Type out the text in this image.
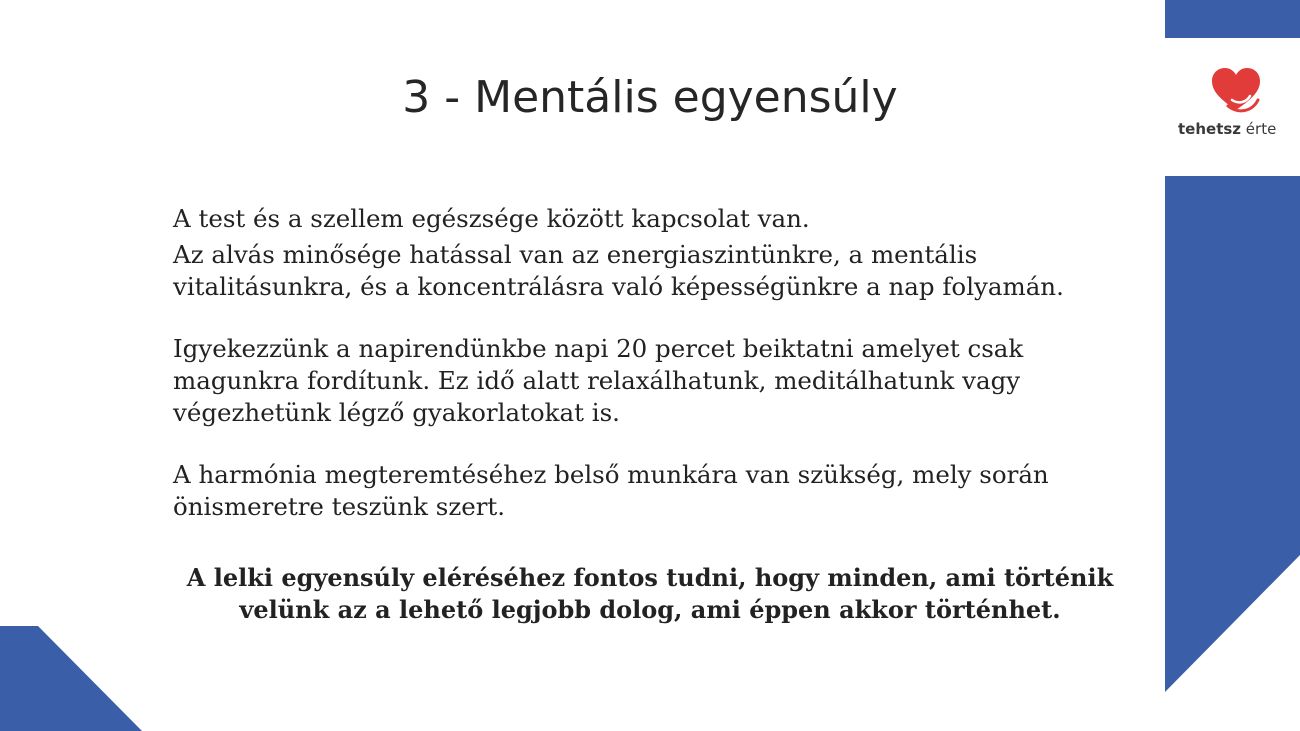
3 - Mentális egyensúly
tehetsz érte

A test és a szellem egészsége között kapcsolat van.

Az alvás minősége hatással van az energiaszintünkre, a mentális vitalitásunkra, és a koncentrálásra való képességünkre a nap folyamán.

Igyekezzünk a napirendünkbe napi 20 percet beiktatni amelyet csak magunkra fordítunk. Ez idő alatt relaxálhatunk, meditálhatunk vagy végezhetünk légző gyakorlatokat is.

A harmónia megteremtéséhez belső munkára van szükség, mely során önismeretre teszünk szert.

A lelki egyensúly eléréséhez fontos tudni, hogy minden, ami történik velünk az a lehető legjobb dolog, ami éppen akkor történhet.
